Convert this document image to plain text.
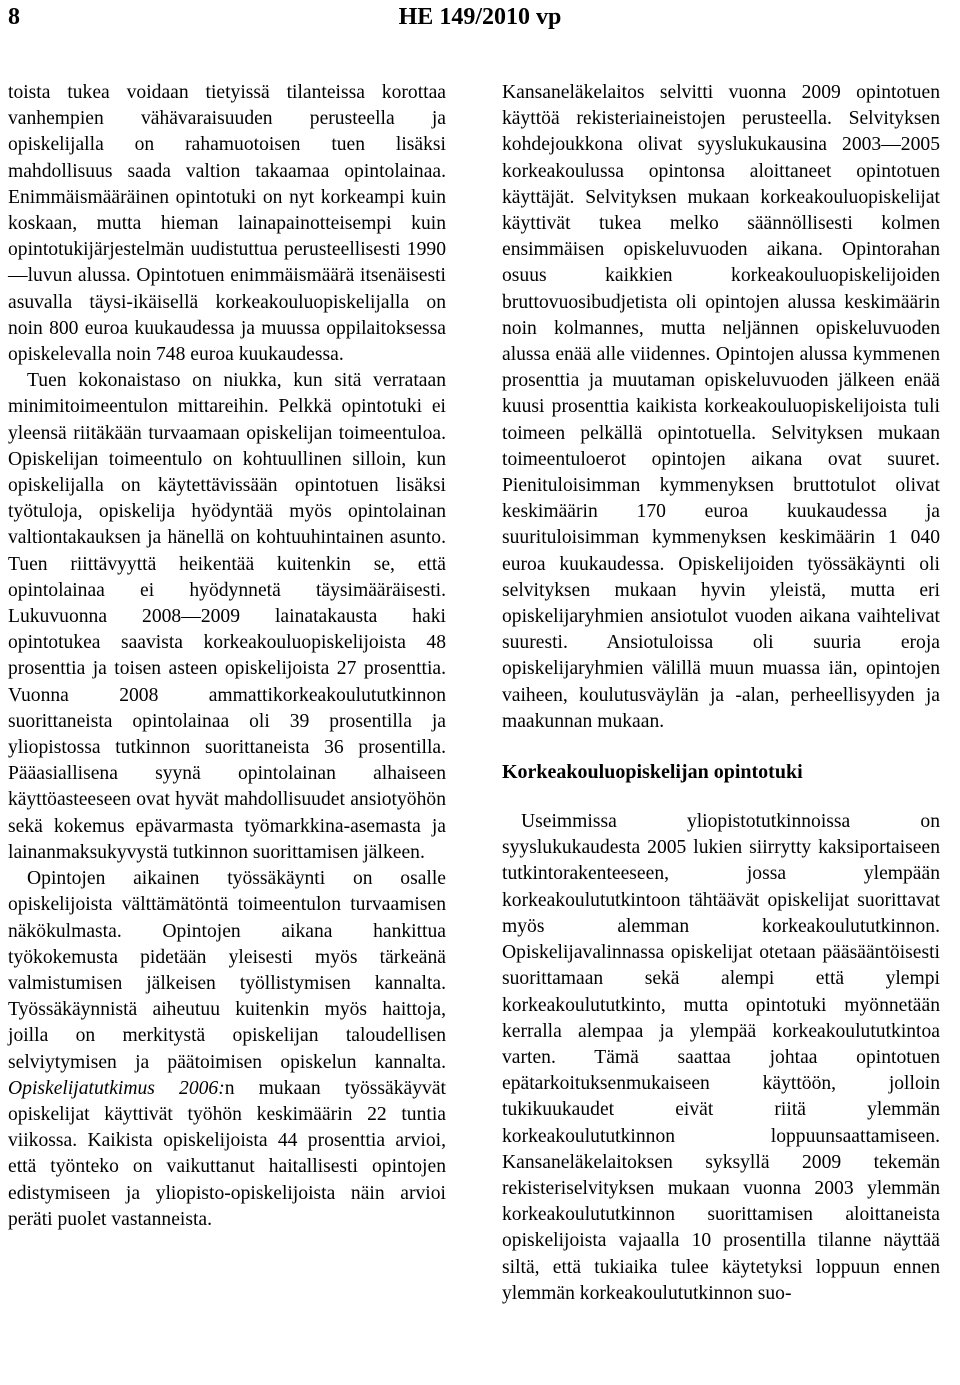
8	HE 149/2010 vp

toista tukea voidaan tietyissä tilanteissa korottaa vanhempien vähävaraisuuden perusteella ja opiskelijalla on rahamuotoisen tuen lisäksi mahdollisuus saada valtion takaamaa opintolainaa. Enimmäismääräinen opintotuki on nyt korkeampi kuin koskaan, mutta hieman lainapainotteisempi kuin opintotukijärjestelmän uudistuttua perusteellisesti 1990—luvun alussa. Opintotuen enimmäismäärä itsenäisesti asuvalla täysi-ikäisellä korkeakouluopiskelijalla on noin 800 euroa kuukaudessa ja muussa oppilaitoksessa opiskelevalla noin 748 euroa kuukaudessa.

Tuen kokonaistaso on niukka, kun sitä verrataan minimitoimeentulon mittareihin. Pelkkä opintotuki ei yleensä riitäkään turvaamaan opiskelijan toimeentuloa. Opiskelijan toimeentulo on kohtuullinen silloin, kun opiskelijalla on käytettävissään opintotuen lisäksi työtuloja, opiskelija hyödyntää myös opintolainan valtiontakauksen ja hänellä on kohtuuhintainen asunto. Tuen riittävyyttä heikentää kuitenkin se, että opintolainaa ei hyödynnetä täysimääräisesti. Lukuvuonna 2008—2009 lainatakausta haki opintotukea saavista korkeakouluopiskelijoista 48 prosenttia ja toisen asteen opiskelijoista 27 prosenttia. Vuonna 2008 ammattikorkeakoulututkinnon suorittaneista opintolainaa oli 39 prosentilla ja yliopistossa tutkinnon suorittaneista 36 prosentilla. Pääasiallisena syynä opintolainan alhaiseen käyttöasteeseen ovat hyvät mahdollisuudet ansiotyöhön sekä kokemus epävarmasta työmarkkina-asemasta ja lainanmaksukyvystä tutkinnon suorittamisen jälkeen.

Opintojen aikainen työssäkäynti on osalle opiskelijoista välttämätöntä toimeentulon turvaamisen näkökulmasta. Opintojen aikana hankittua työkokemusta pidetään yleisesti myös tärkeänä valmistumisen jälkeisen työllistymisen kannalta. Työssäkäynnistä aiheutuu kuitenkin myös haittoja, joilla on merkitystä opiskelijan taloudellisen selviytymisen ja päätoimisen opiskelun kannalta. Opiskelijatutkimus 2006:n mukaan työssäkäyvät opiskelijat käyttivät työhön keskimäärin 22 tuntia viikossa. Kaikista opiskelijoista 44 prosenttia arvioi, että työnteko on vaikuttanut haitallisesti opintojen edistymiseen ja yliopisto-opiskelijoista näin arvioi peräti puolet vastanneista.

Kansaneläkelaitos selvitti vuonna 2009 opintotuen käyttöä rekisteriaineistojen perusteella. Selvityksen kohdejoukkona olivat syyslukukausina 2003—2005 korkeakoulussa opintonsa aloittaneet opintotuen käyttäjät. Selvityksen mukaan korkeakouluopiskelijat käyttivät tukea melko säännöllisesti kolmen ensimmäisen opiskeluvuoden aikana. Opintorahan osuus kaikkien korkeakouluopiskelijoiden bruttovuosibudjetista oli opintojen alussa keskimäärin noin kolmannes, mutta neljännen opiskeluvuoden alussa enää alle viidennes. Opintojen alussa kymmenen prosenttia ja muutaman opiskeluvuoden jälkeen enää kuusi prosenttia kaikista korkeakouluopiskelijoista tuli toimeen pelkällä opintotuella. Selvityksen mukaan toimeentuloerot opintojen aikana ovat suuret. Pienituloisimman kymmenyksen bruttotulot olivat keskimäärin 170 euroa kuukaudessa ja suurituloisimman kymmenyksen keskimäärin 1 040 euroa kuukaudessa. Opiskelijoiden työssäkäynti oli selvityksen mukaan hyvin yleistä, mutta eri opiskelijaryhmien ansiotulot vuoden aikana vaihtelivat suuresti. Ansiotuloissa oli suuria eroja opiskelijaryhmien välillä muun muassa iän, opintojen vaiheen, koulutusväylän ja -alan, perheellisyyden ja maakunnan mukaan.

Korkeakouluopiskelijan opintotuki

Useimmissa yliopistotutkinnoissa on syyslukukaudesta 2005 lukien siirrytty kaksiportaiseen tutkintorakenteeseen, jossa ylempään korkeakoulututkintoon tähtäävät opiskelijat suorittavat myös alemman korkeakoulututkinnon. Opiskelijavalinnassa opiskelijat otetaan pääsääntöisesti suorittamaan sekä alempi että ylempi korkeakoulututkinto, mutta opintotuki myönnetään kerralla alempaa ja ylempää korkeakoulututkintoa varten. Tämä saattaa johtaa opintotuen epätarkoituksenmukaiseen käyttöön, jolloin tukikuukaudet eivät riitä ylemmän korkeakoulututkinnon loppuunsaattamiseen. Kansaneläkelaitoksen syksyllä 2009 tekemän rekisteriselvityksen mukaan vuonna 2003 ylemmän korkeakoulututkinnon suorittamisen aloittaneista opiskelijoista vajaalla 10 prosentilla tilanne näyttää siltä, että tukiaika tulee käytetyksi loppuun ennen ylemmän korkeakoulututkinnon suo-
